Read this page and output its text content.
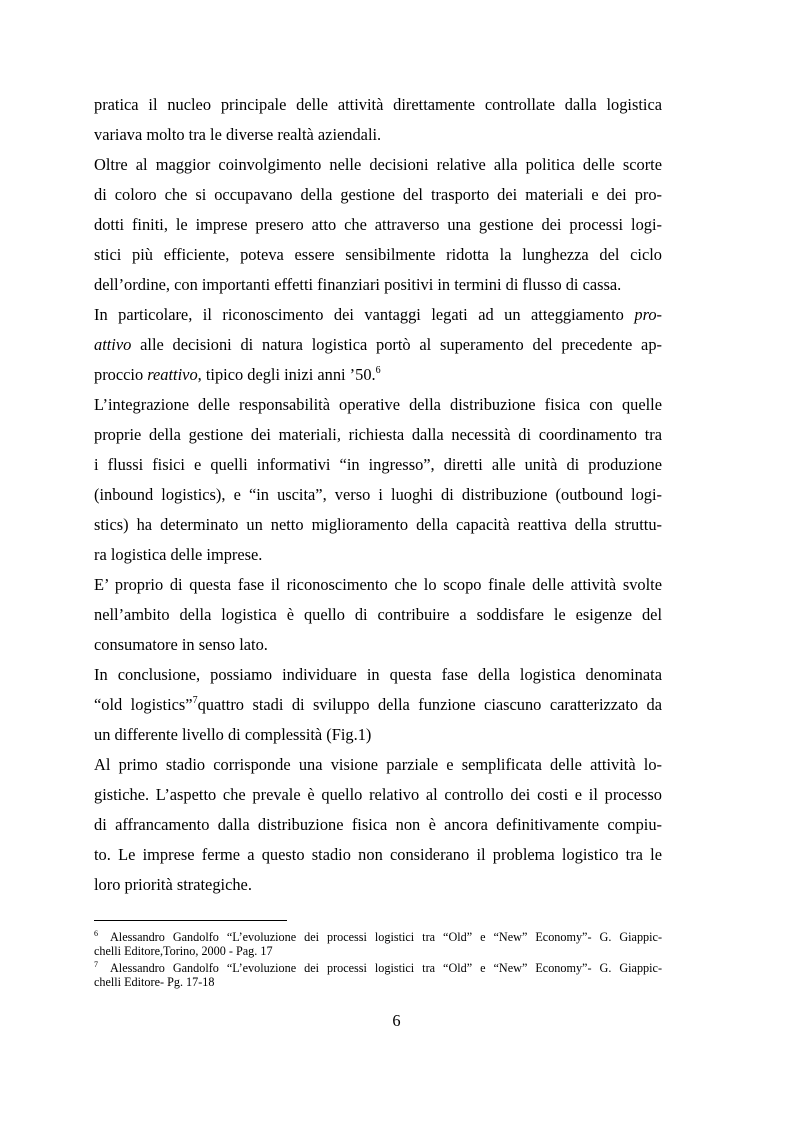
pratica il nucleo principale delle attività direttamente controllate dalla logistica
variava molto tra le diverse realtà aziendali.
Oltre al maggior coinvolgimento nelle decisioni relative alla politica delle scorte
di coloro che si occupavano della gestione del trasporto dei materiali e dei pro-
dotti finiti, le imprese presero atto che attraverso una gestione dei processi logi-
stici più efficiente, poteva essere sensibilmente ridotta la lunghezza del ciclo
dell’ordine, con importanti effetti finanziari positivi in termini di flusso di cassa.
In particolare, il riconoscimento dei vantaggi legati ad un atteggiamento pro-
attivo alle decisioni di natura logistica portò al superamento del precedente ap-
proccio reattivo, tipico degli inizi anni ’50.$^6$
L’integrazione delle responsabilità operative della distribuzione fisica con quelle
proprie della gestione dei materiali, richiesta dalla necessità di coordinamento tra
i flussi fisici e quelli informativi “in ingresso”, diretti alle unità di produzione
(inbound logistics), e “in uscita”, verso i luoghi di distribuzione (outbound logi-
stics) ha determinato un netto miglioramento della capacità reattiva della struttu-
ra logistica delle imprese.
E’ proprio di questa fase il riconoscimento che lo scopo finale delle attività svolte
nell’ambito della logistica è quello di contribuire a soddisfare le esigenze del
consumatore in senso lato.
In conclusione, possiamo individuare in questa fase della logistica denominata
“old logistics”$^7$quattro stadi di sviluppo della funzione ciascuno caratterizzato da
un differente livello di complessità (Fig.1)
Al primo stadio corrisponde una visione parziale e semplificata delle attività lo-
gistiche. L’aspetto che prevale è quello relativo al controllo dei costi e il processo
di affrancamento dalla distribuzione fisica non è ancora definitivamente compiu-
to. Le imprese ferme a questo stadio non considerano il problema logistico tra le
loro priorità strategiche.
$^6$ Alessandro Gandolfo “L’evoluzione dei processi logistici tra “Old” e “New” Economy”- G. Giappic-
chelli Editore,Torino, 2000 - Pag. 17
$^7$ Alessandro Gandolfo “L’evoluzione dei processi logistici tra “Old” e “New” Economy”- G. Giappic-
chelli Editore- Pg. 17-18
6
